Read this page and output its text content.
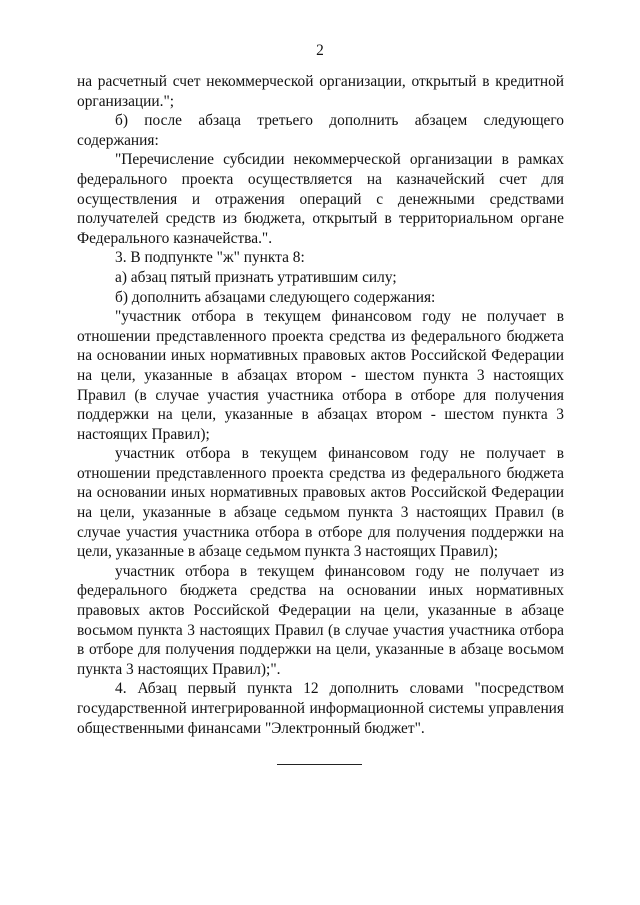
2

на расчетный счет некоммерческой организации, открытый в кредитной организации.";

б) после абзаца третьего дополнить абзацем следующего содержания:

"Перечисление субсидии некоммерческой организации в рамках федерального проекта осуществляется на казначейский счет для осуществления и отражения операций с денежными средствами получателей средств из бюджета, открытый в территориальном органе Федерального казначейства.".

3. В подпункте "ж" пункта 8:

а) абзац пятый признать утратившим силу;

б) дополнить абзацами следующего содержания:

"участник отбора в текущем финансовом году не получает в отношении представленного проекта средства из федерального бюджета на основании иных нормативных правовых актов Российской Федерации на цели, указанные в абзацах втором - шестом пункта 3 настоящих Правил (в случае участия участника отбора в отборе для получения поддержки на цели, указанные в абзацах втором - шестом пункта 3 настоящих Правил);

участник отбора в текущем финансовом году не получает в отношении представленного проекта средства из федерального бюджета на основании иных нормативных правовых актов Российской Федерации на цели, указанные в абзаце седьмом пункта 3 настоящих Правил (в случае участия участника отбора в отборе для получения поддержки на цели, указанные в абзаце седьмом пункта 3 настоящих Правил);

участник отбора в текущем финансовом году не получает из федерального бюджета средства на основании иных нормативных правовых актов Российской Федерации на цели, указанные в абзаце восьмом пункта 3 настоящих Правил (в случае участия участника отбора в отборе для получения поддержки на цели, указанные в абзаце восьмом пункта 3 настоящих Правил);".

4. Абзац первый пункта 12 дополнить словами "посредством государственной интегрированной информационной системы управления общественными финансами "Электронный бюджет".
